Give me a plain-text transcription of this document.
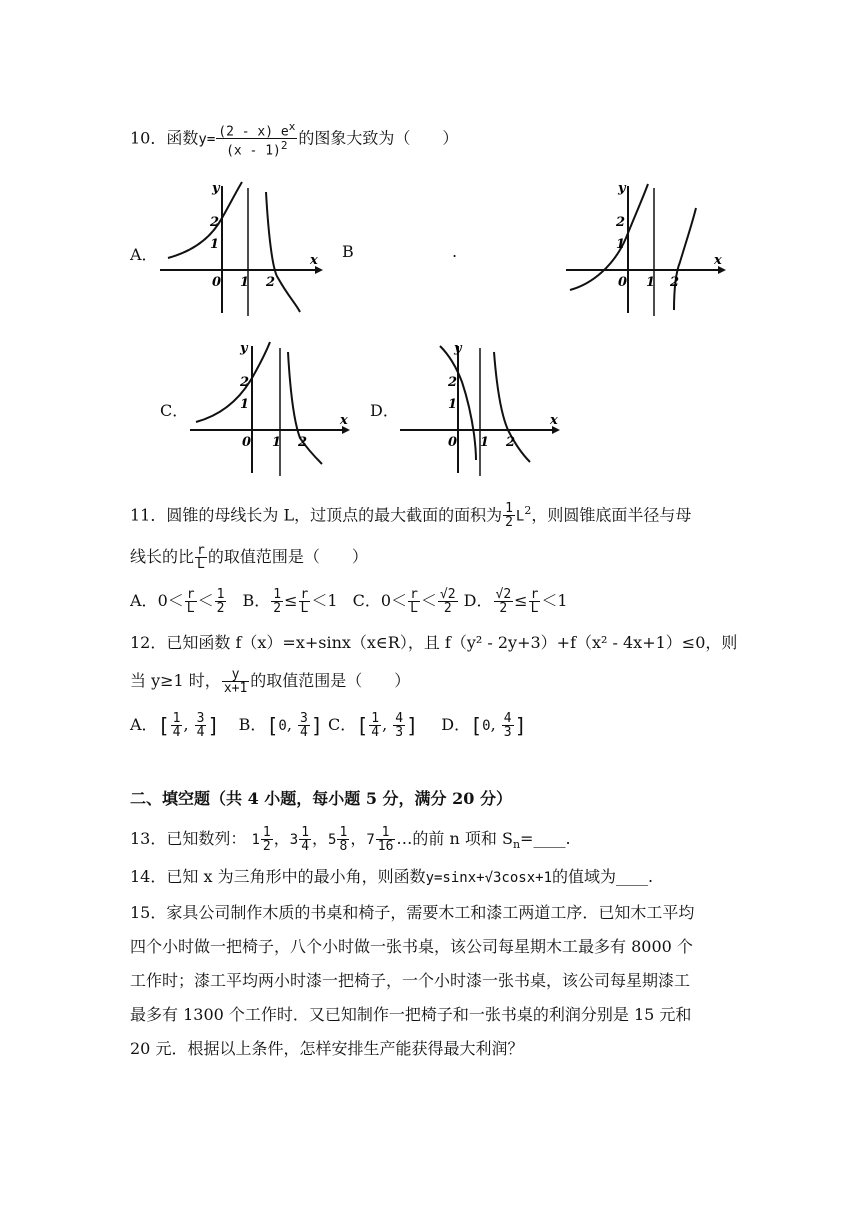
10．函数$y= \frac{(2 - x) e^x}{(x - 1)^2}$ 的图象大致为（　　）
A．	B	.
C．	D．
y
x
2
1
0 1 2
y
x
2
1
0 1 2
y
x
2
1
0 1 2
y
x
2
1
0 1 2
11．圆锥的母线长为 L，过顶点的最大截面的面积为 $\frac{1}{2} L^2$，则圆锥底面半径与母
线长的比 $\frac{r}{L}$ 的取值范围是（　　）
A．$0< \frac{r}{L} < \frac{1}{2}$ B． $\frac{1}{2} \le \frac{r}{L} <1$ C．$0< \frac{r}{L} < \frac{√2}{2}$ D． $\frac{√2}{2} \le \frac{r}{L} <1$
12．已知函数 f（x）=x+sinx（x∈R），且 f（y² - 2y+3）+f（x² - 4x+1）≤0，则
当 y≥1 时， $\frac{y}{x+1}$ 的取值范围是（　　）
A．[ $\frac{1}{4}$ , $\frac{3}{4}$ ] B．[0, $\frac{3}{4}$ ] C．[ $\frac{1}{4}$ , $\frac{4}{3}$ ] D．[0, $\frac{4}{3}$ ]
二、填空题（共 4 小题，每小题 5 分，满分 20 分）
13．已知数列： $1 \frac{1}{2}$ ，$3 \frac{1}{4}$ ，$5 \frac{1}{8}$ ，$7 \frac{1}{16}$ …的前 n 项和 $S_n=\_\_\_\_$.
14．已知 x 为三角形中的最小角，则函数y=sinx+√3cosx+1的值域为____.
15．家具公司制作木质的书桌和椅子，需要木工和漆工两道工序．已知木工平均
四个小时做一把椅子，八个小时做一张书桌，该公司每星期木工最多有 8000 个
工作时；漆工平均两小时漆一把椅子，一个小时漆一张书桌，该公司每星期漆工
最多有 1300 个工作时．又已知制作一把椅子和一张书桌的利润分别是 15 元和
20 元．根据以上条件，怎样安排生产能获得最大利润？
